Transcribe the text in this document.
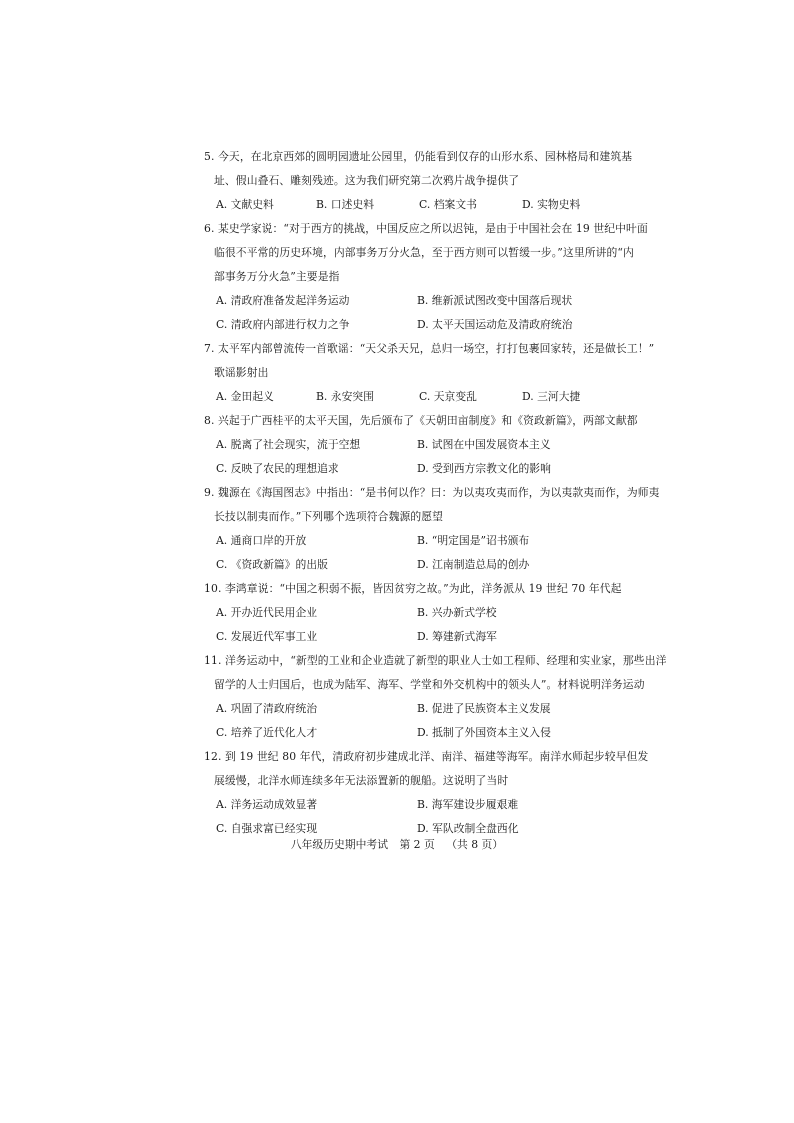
5. 今天，在北京西郊的圆明园遗址公园里，仍能看到仅存的山形水系、园林格局和建筑基
址、假山叠石、雕刻残迹。这为我们研究第二次鸦片战争提供了
A. 文献史料	B. 口述史料	C. 档案文书	D. 实物史料
6. 某史学家说：“对于西方的挑战，中国反应之所以迟钝，是由于中国社会在 19 世纪中叶面
临很不平常的历史环境，内部事务万分火急，至于西方则可以暂缓一步。”这里所讲的“内
部事务万分火急”主要是指
A. 清政府准备发起洋务运动	B. 维新派试图改变中国落后现状
C. 清政府内部进行权力之争	D. 太平天国运动危及清政府统治
7. 太平军内部曾流传一首歌谣：“天父杀天兄，总归一场空，打打包裹回家转，还是做长工！”
歌谣影射出
A. 金田起义	B. 永安突围	C. 天京变乱	D. 三河大捷
8. 兴起于广西桂平的太平天国，先后颁布了《天朝田亩制度》和《资政新篇》，两部文献都
A. 脱离了社会现实，流于空想	B. 试图在中国发展资本主义
C. 反映了农民的理想追求	D. 受到西方宗教文化的影响
9. 魏源在《海国图志》中指出：“是书何以作？曰：为以夷攻夷而作，为以夷款夷而作，为师夷
长技以制夷而作。”下列哪个选项符合魏源的愿望
A. 通商口岸的开放	B. “明定国是”诏书颁布
C. 《资政新篇》的出版	D. 江南制造总局的创办
10. 李鸿章说：“中国之积弱不振，皆因贫穷之故。”为此，洋务派从 19 世纪 70 年代起
A. 开办近代民用企业	B. 兴办新式学校
C. 发展近代军事工业	D. 筹建新式海军
11. 洋务运动中，“新型的工业和企业造就了新型的职业人士如工程师、经理和实业家，那些出洋
留学的人士归国后，也成为陆军、海军、学堂和外交机构中的领头人”。材料说明洋务运动
A. 巩固了清政府统治	B. 促进了民族资本主义发展
C. 培养了近代化人才	D. 抵制了外国资本主义入侵
12. 到 19 世纪 80 年代，清政府初步建成北洋、南洋、福建等海军。南洋水师起步较早但发
展缓慢，北洋水师连续多年无法添置新的舰船。这说明了当时
A. 洋务运动成效显著	B. 海军建设步履艰难
C. 自强求富已经实现	D. 军队改制全盘西化
八年级历史期中考试 第 2 页 （共 8 页）
